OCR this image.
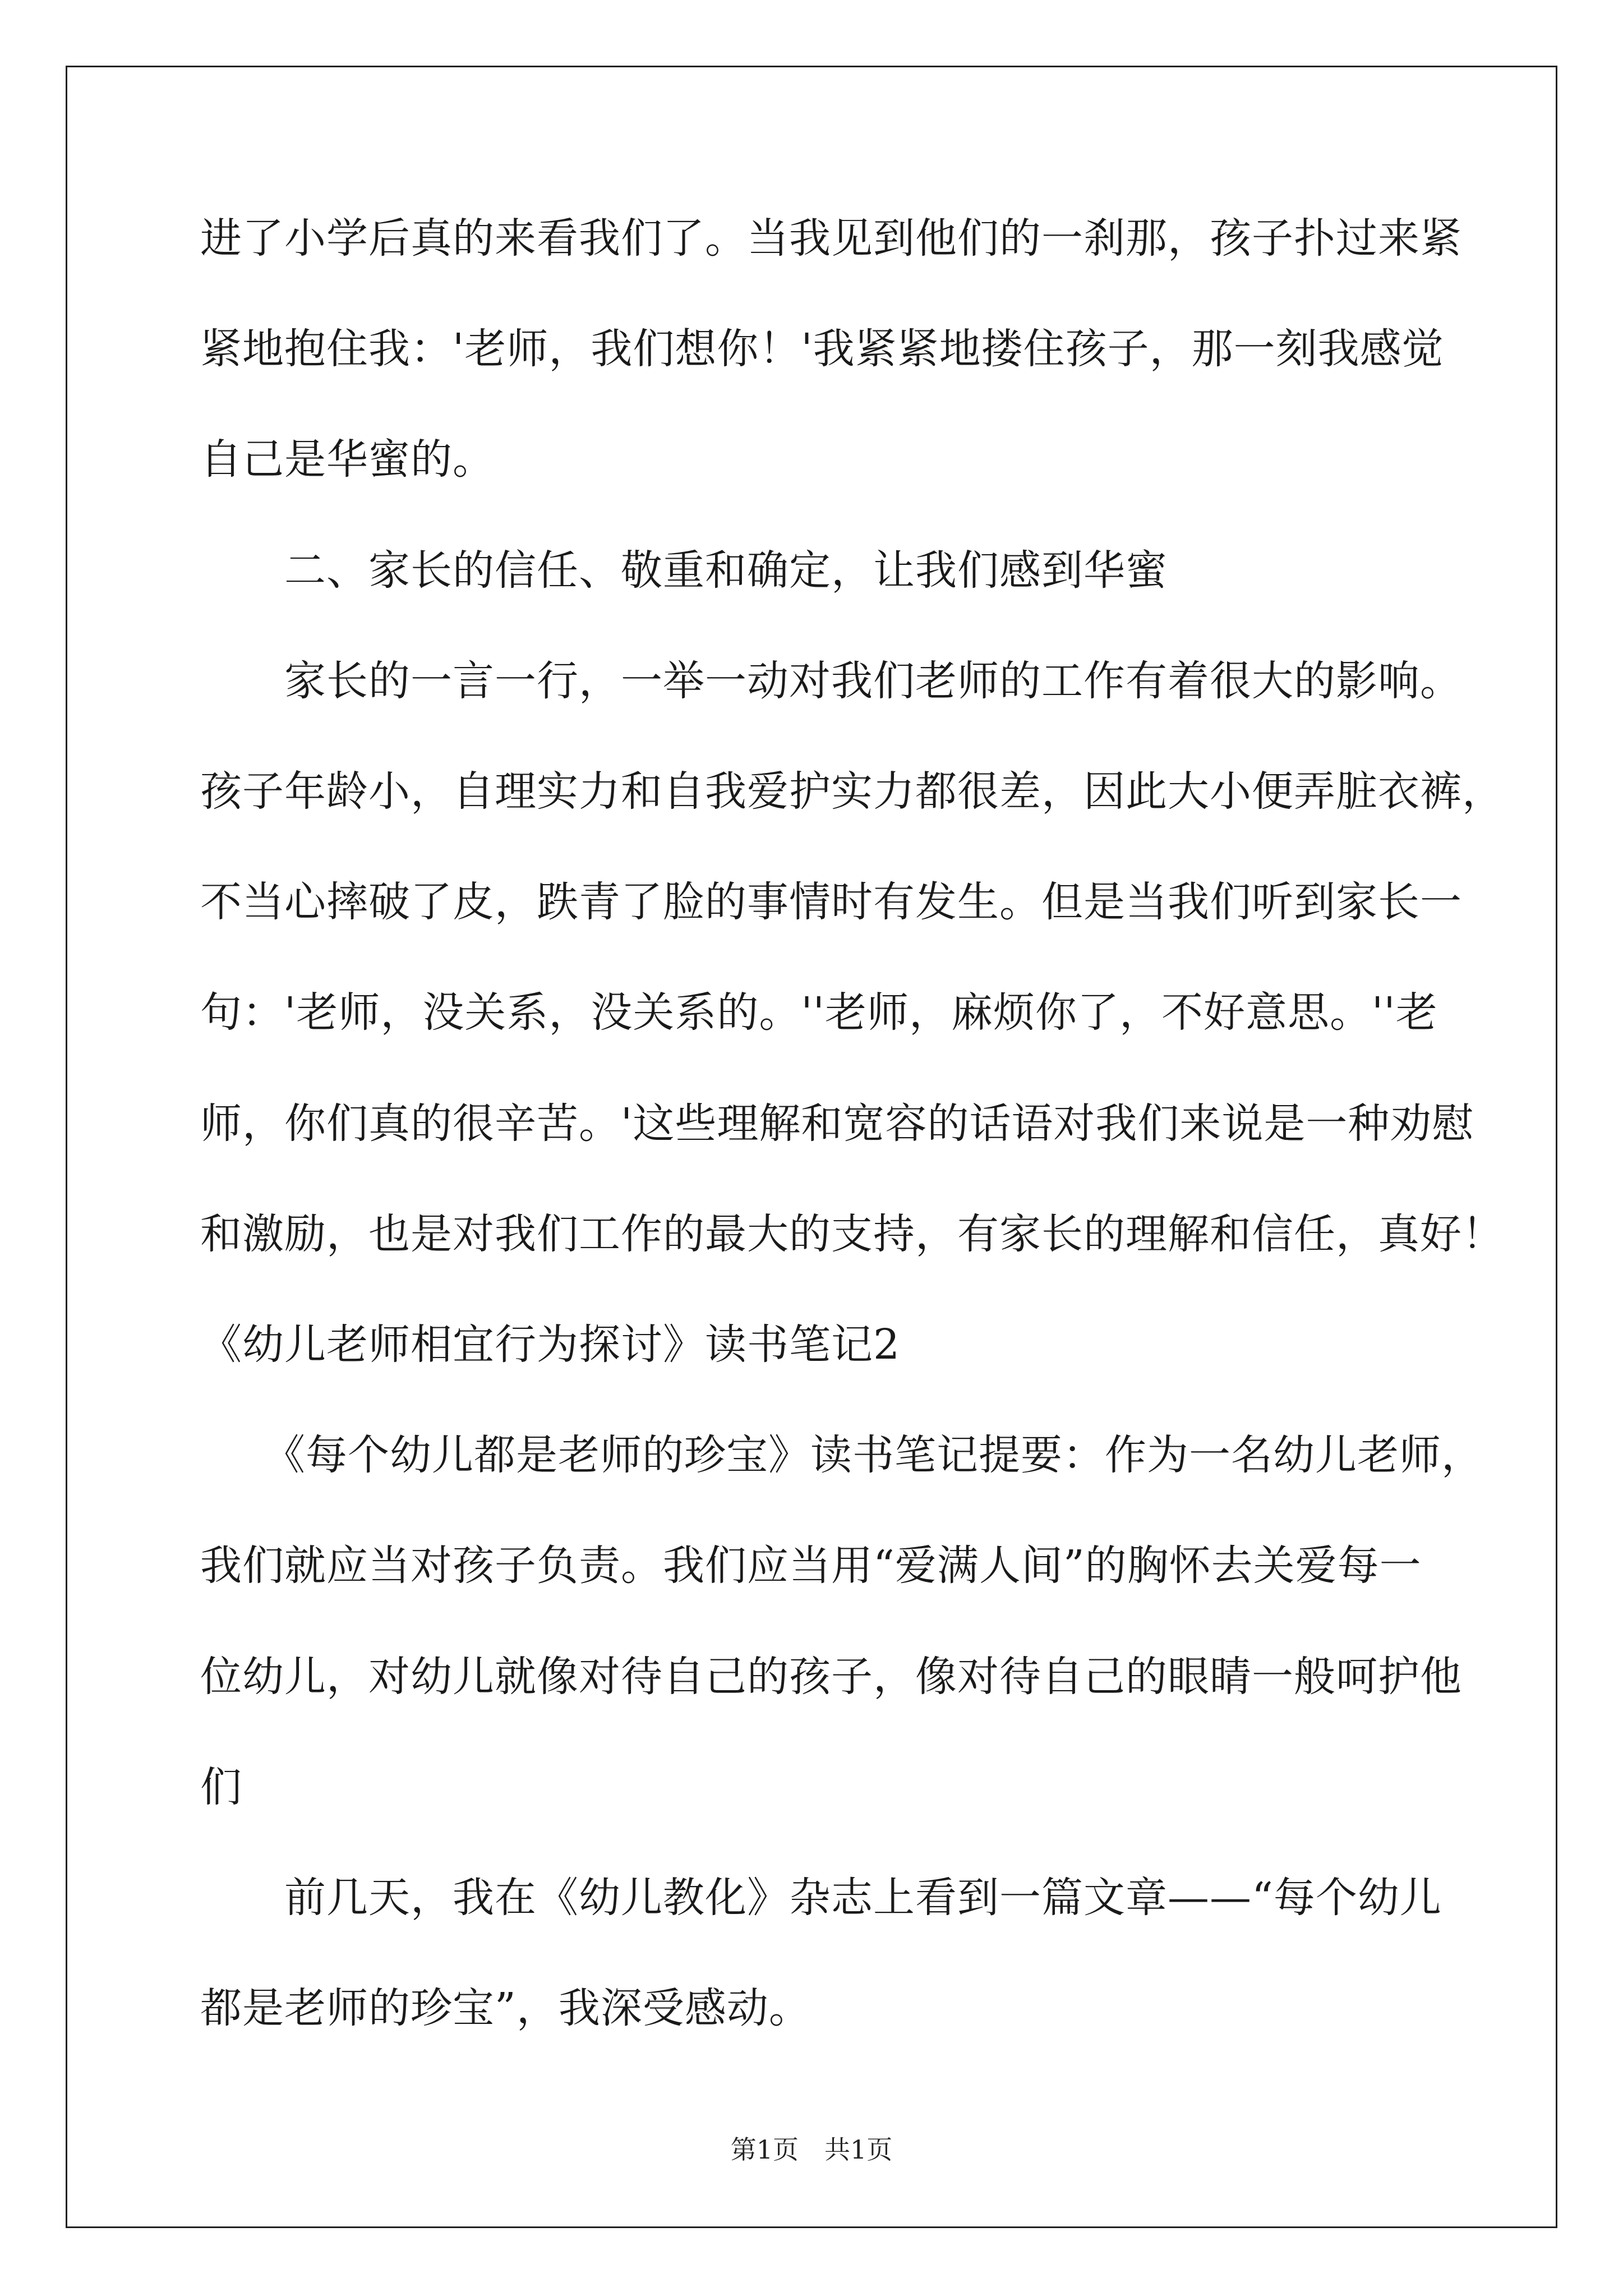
进了小学后真的来看我们了。当我见到他们的一刹那，孩子扑过来紧
紧地抱住我：'老师，我们想你！'我紧紧地搂住孩子，那一刻我感觉
自己是华蜜的。
　　二、家长的信任、敬重和确定，让我们感到华蜜
　　家长的一言一行，一举一动对我们老师的工作有着很大的影响。
孩子年龄小，自理实力和自我爱护实力都很差，因此大小便弄脏衣裤，
不当心摔破了皮，跌青了脸的事情时有发生。但是当我们听到家长一
句：'老师，没关系，没关系的。''老师，麻烦你了，不好意思。''老
师，你们真的很辛苦。'这些理解和宽容的话语对我们来说是一种劝慰
和激励，也是对我们工作的最大的支持，有家长的理解和信任，真好！
《幼儿老师相宜行为探讨》读书笔记2
　　《每个幼儿都是老师的珍宝》读书笔记提要：作为一名幼儿老师，
我们就应当对孩子负责。我们应当用“爱满人间”的胸怀去关爱每一
位幼儿，对幼儿就像对待自己的孩子，像对待自己的眼睛一般呵护他
们
　　前几天，我在《幼儿教化》杂志上看到一篇文章——“每个幼儿
都是老师的珍宝”，我深受感动。
第1页　共1页
